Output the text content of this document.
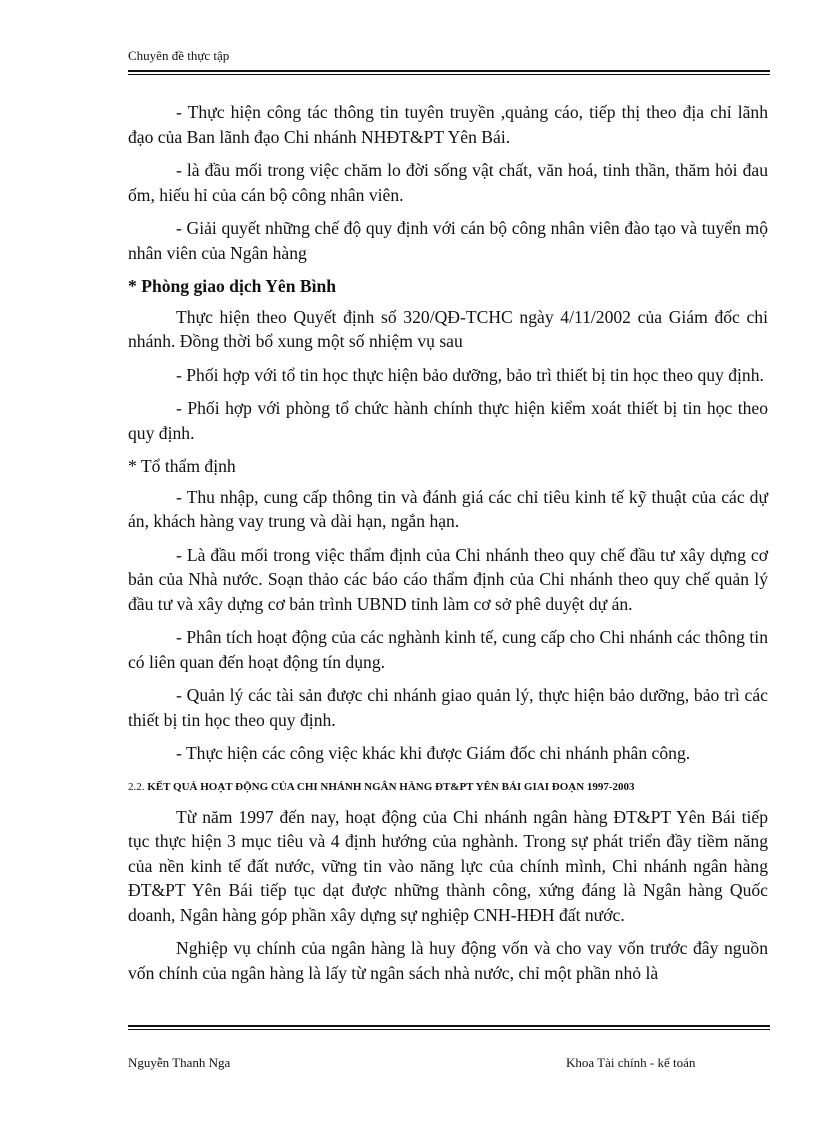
Chuyên đề thực tập

- Thực hiện công tác thông tin tuyên truyền ,quảng cáo, tiếp thị theo địa chỉ lãnh đạo của Ban lãnh đạo Chi nhánh NHĐT&PT Yên Bái.

- là đầu mối trong việc chăm lo đời sống vật chất, văn hoá, tinh thần, thăm hỏi đau ốm, hiếu hỉ của cán bộ công nhân viên.

- Giải quyết những chế độ quy định với cán bộ công nhân viên đào tạo và tuyển mộ nhân viên của Ngân hàng

* Phòng giao dịch Yên Bình

Thực hiện theo Quyết định số 320/QĐ-TCHC ngày 4/11/2002 của Giám đốc chi nhánh. Đồng thời bổ xung một số nhiệm vụ sau

- Phối hợp với tổ tin học thực hiện bảo dưỡng, bảo trì thiết bị tin học theo quy định.

- Phối hợp với phòng tổ chức hành chính thực hiện kiểm xoát thiết bị tin học theo quy định.

* Tổ thẩm định

- Thu nhập, cung cấp thông tin và đánh giá các chỉ tiêu kinh tế kỹ thuật của các dự án, khách hàng vay trung và dài hạn, ngắn hạn.

- Là đầu mối trong việc thẩm định của Chi nhánh theo quy chế đầu tư xây dựng cơ bản của Nhà nước. Soạn thảo các báo cáo thẩm định của Chi nhánh theo quy chế quản lý đầu tư và xây dựng cơ bản trình UBND tỉnh làm cơ sở phê duyệt dự án.

- Phân tích hoạt động của các nghành kinh tế, cung cấp cho Chi nhánh các thông tin có liên quan đến hoạt động tín dụng.

- Quản lý các tài sản được chi nhánh giao quản lý, thực hiện bảo dưỡng, bảo trì các thiết bị tin học theo quy định.

- Thực hiện các công việc khác khi được Giám đốc chi nhánh phân công.

2.2. KẾT QUẢ HOẠT ĐỘNG CỦA CHI NHÁNH NGÂN HÀNG ĐT&PT YÊN BÁI GIAI ĐOẠN 1997-2003

Từ năm 1997 đến nay, hoạt động của Chi nhánh ngân hàng ĐT&PT Yên Bái tiếp tục thực hiện 3 mục tiêu và 4 định hướng của nghành. Trong sự phát triển đầy tiềm năng của nền kinh tế đất nước, vững tin vào năng lực của chính mình, Chi nhánh ngân hàng ĐT&PT Yên Bái tiếp tục dạt được những thành công, xứng đáng là Ngân hàng Quốc doanh, Ngân hàng góp phần xây dựng sự nghiệp CNH-HĐH đất nước.

Nghiệp vụ chính của ngân hàng là huy động vốn và cho vay vốn trước đây nguồn vốn chính của ngân hàng là lấy từ ngân sách nhà nước, chỉ một phần nhỏ là

Nguyễn Thanh Nga	Khoa Tài chính - kế toán
